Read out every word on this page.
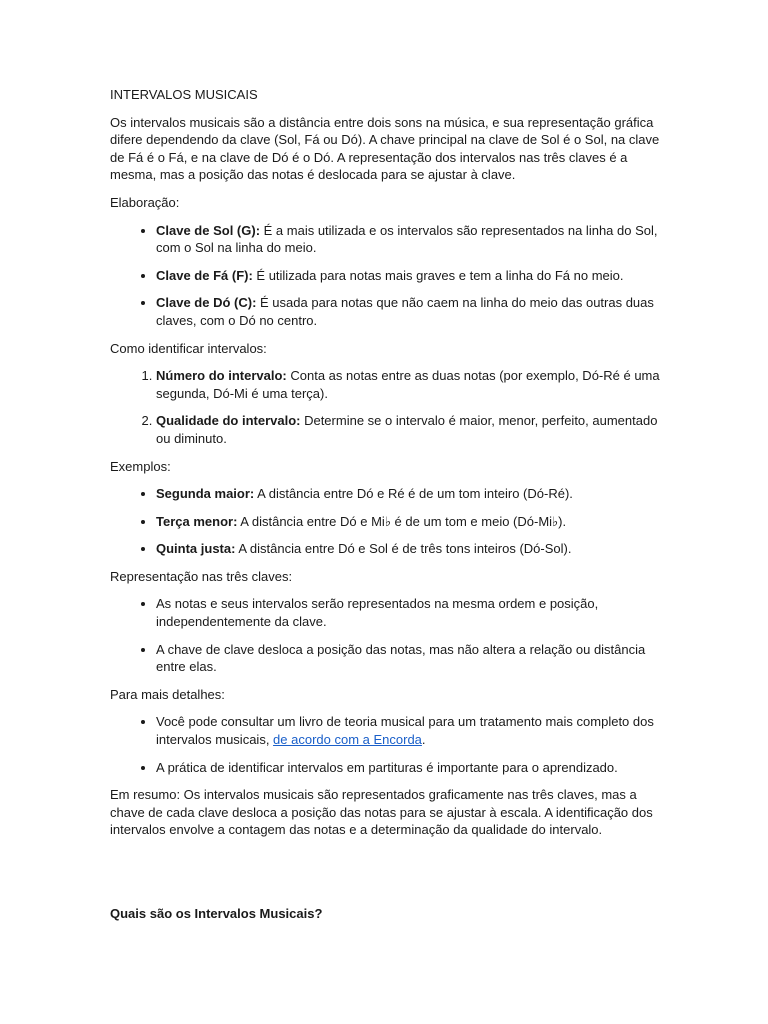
INTERVALOS MUSICAIS

Os intervalos musicais são a distância entre dois sons na música, e sua representação gráfica difere dependendo da clave (Sol, Fá ou Dó). A chave principal na clave de Sol é o Sol, na clave de Fá é o Fá, e na clave de Dó é o Dó. A representação dos intervalos nas três claves é a mesma, mas a posição das notas é deslocada para se ajustar à clave.

Elaboração:

• Clave de Sol (G): É a mais utilizada e os intervalos são representados na linha do Sol, com o Sol na linha do meio.
• Clave de Fá (F): É utilizada para notas mais graves e tem a linha do Fá no meio.
• Clave de Dó (C): É usada para notas que não caem na linha do meio das outras duas claves, com o Dó no centro.

Como identificar intervalos:

1. Número do intervalo: Conta as notas entre as duas notas (por exemplo, Dó-Ré é uma segunda, Dó-Mi é uma terça).
2. Qualidade do intervalo: Determine se o intervalo é maior, menor, perfeito, aumentado ou diminuto.

Exemplos:

• Segunda maior: A distância entre Dó e Ré é de um tom inteiro (Dó-Ré).
• Terça menor: A distância entre Dó e Mi♭ é de um tom e meio (Dó-Mi♭).
• Quinta justa: A distância entre Dó e Sol é de três tons inteiros (Dó-Sol).

Representação nas três claves:

• As notas e seus intervalos serão representados na mesma ordem e posição, independentemente da clave.
• A chave de clave desloca a posição das notas, mas não altera a relação ou distância entre elas.

Para mais detalhes:

• Você pode consultar um livro de teoria musical para um tratamento mais completo dos intervalos musicais, de acordo com a Encorda.
• A prática de identificar intervalos em partituras é importante para o aprendizado.

Em resumo: Os intervalos musicais são representados graficamente nas três claves, mas a chave de cada clave desloca a posição das notas para se ajustar à escala. A identificação dos intervalos envolve a contagem das notas e a determinação da qualidade do intervalo.

Quais são os Intervalos Musicais?
